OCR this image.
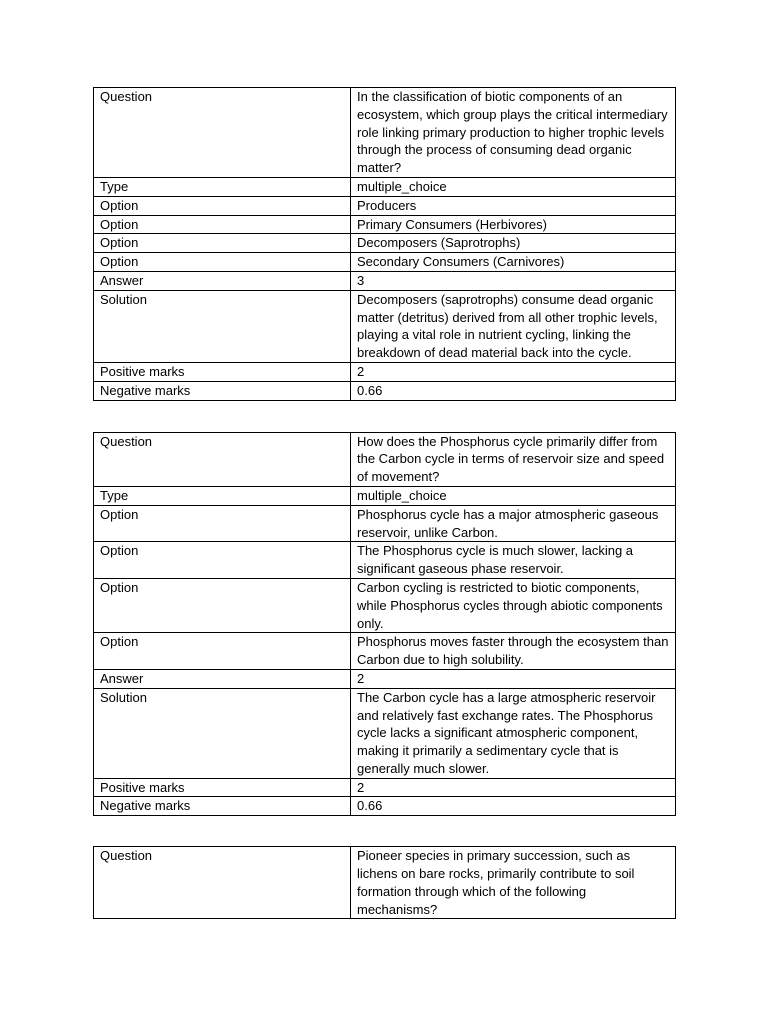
Question	In the classification of biotic components of an ecosystem, which group plays the critical intermediary role linking primary production to higher trophic levels through the process of consuming dead organic matter?
Type	multiple_choice
Option	Producers
Option	Primary Consumers (Herbivores)
Option	Decomposers (Saprotrophs)
Option	Secondary Consumers (Carnivores)
Answer	3
Solution	Decomposers (saprotrophs) consume dead organic matter (detritus) derived from all other trophic levels, playing a vital role in nutrient cycling, linking the breakdown of dead material back into the cycle.
Positive marks	2
Negative marks	0.66
Question	How does the Phosphorus cycle primarily differ from the Carbon cycle in terms of reservoir size and speed of movement?
Type	multiple_choice
Option	Phosphorus cycle has a major atmospheric gaseous reservoir, unlike Carbon.
Option	The Phosphorus cycle is much slower, lacking a significant gaseous phase reservoir.
Option	Carbon cycling is restricted to biotic components, while Phosphorus cycles through abiotic components only.
Option	Phosphorus moves faster through the ecosystem than Carbon due to high solubility.
Answer	2
Solution	The Carbon cycle has a large atmospheric reservoir and relatively fast exchange rates. The Phosphorus cycle lacks a significant atmospheric component, making it primarily a sedimentary cycle that is generally much slower.
Positive marks	2
Negative marks	0.66
Question	Pioneer species in primary succession, such as lichens on bare rocks, primarily contribute to soil formation through which of the following mechanisms?
